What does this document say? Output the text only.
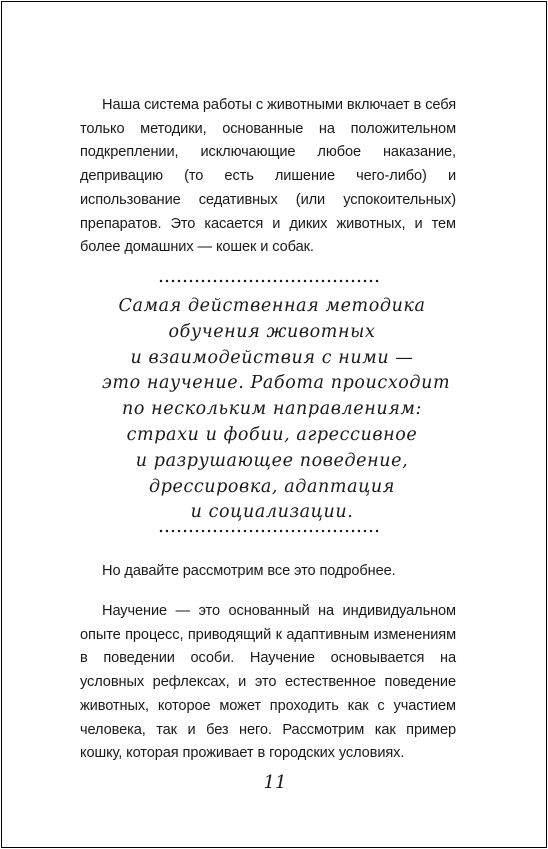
Наша система работы с животными включает в себя только методики, основанные на положительном подкреплении, исключающие любое наказание, депривацию (то есть лишение чего-либо) и использование седативных (или успокоительных) препаратов. Это касается и диких животных, и тем более домашних — кошек и собак.

Самая действенная методика
обучения животных
и взаимодействия с ними —
это научение. Работа происходит
по нескольким направлениям:
страхи и фобии, агрессивное
и разрушающее поведение,
дрессировка, адаптация
и социализации.

Но давайте рассмотрим все это подробнее.

Научение — это основанный на индивидуальном опыте процесс, приводящий к адаптивным изменениям в поведении особи. Научение основывается на условных рефлексах, и это естественное поведение животных, которое может проходить как с участием человека, так и без него. Рассмотрим как пример кошку, которая проживает в городских условиях.

11
